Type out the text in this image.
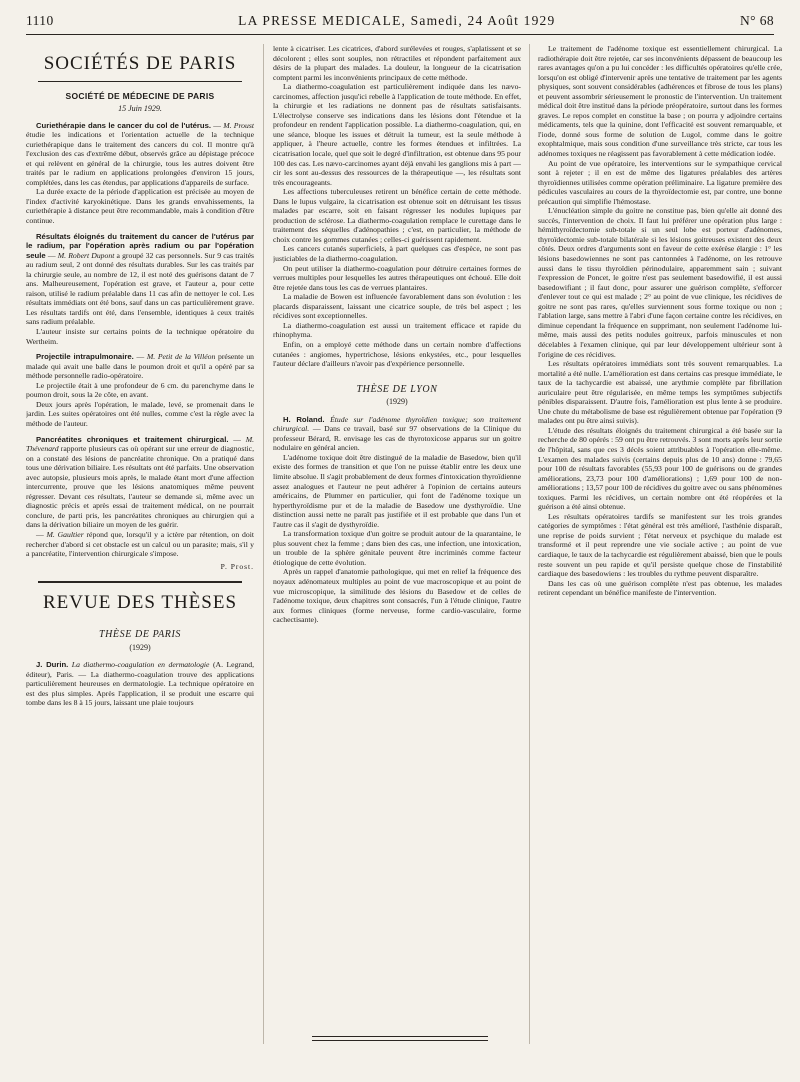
1110	LA PRESSE MEDICALE, Samedi, 24 Août 1929	N° 68
SOCIÉTÉS DE PARIS
SOCIÉTÉ DE MÉDECINE DE PARIS
15 Juin 1929.

Curiethérapie dans le cancer du col de l'utérus. — M. Proust étudie les indications et l'orientation actuelle de la technique curiethérapique dans le traitement des cancers du col. Il montre qu'à l'exclusion des cas d'extrême début, observés grâce au dépistage précoce et qui relèvent en général de la chirurgie, tous les autres doivent être traités par le radium en applications prolongées d'environ 15 jours, complétées, dans les cas étendus, par applications d'appareils de surface.

La durée exacte de la période d'application est précisée au moyen de l'index d'activité karyokinétique. Dans les grands envahissements, la curiethérapie à distance peut être recommandable, mais à condition d'être continue.

Résultats éloignés du traitement du cancer de l'utérus par le radium, par l'opération après radium ou par l'opération seule — M. Robert Dupont a groupé 32 cas personnels. Sur 9 cas traités au radium seul, 2 ont donné des résultats durables. Sur les cas traités par la chirurgie seule, au nombre de 12, il est noté des guérisons datant de 7 ans. Malheureusement, l'opération est grave, et l'auteur a, pour cette raison, utilisé le radium préalable dans 11 cas afin de nettoyer le col. Les résultats immédiats ont été bons, sauf dans un cas particulièrement grave. Les résultats tardifs ont été, dans l'ensemble, identiques à ceux traités sans radium préalable.

L'auteur insiste sur certains points de la technique opératoire du Wertheim.

Projectile intrapulmonaire. — M. Petit de la Villéon présente un malade qui avait une balle dans le poumon droit et qu'il a opéré par sa méthode personnelle radio-opératoire.

Le projectile était à une profondeur de 6 cm. du parenchyme dans le poumon droit, sous la 2e côte, en avant.

Deux jours après l'opération, le malade, levé, se promenait dans le jardin. Les suites opératoires ont été nulles, comme c'est la règle avec la méthode de l'auteur.

Pancréatites chroniques et traitement chirurgical. — M. Thévenard rapporte plusieurs cas où opérant sur une erreur de diagnostic, on a constaté des lésions de pancréatite chronique. On a pratiqué dans tous une dérivation biliaire. Les résultats ont été parfaits. Une observation avec autopsie, plusieurs mois après, le malade étant mort d'une affection intercurrente, prouve que les lésions anatomiques même peuvent régresser. Devant ces résultats, l'auteur se demande si, même avec un diagnostic précis et après essai de traitement médical, on ne pourrait conclure, de parti pris, les pancréatites chroniques au chirurgien qui a dans la dérivation biliaire un moyen de les guérir.

— M. Gaultier répond que, lorsqu'il y a ictère par rétention, on doit rechercher d'abord si cet obstacle est un calcul ou un parasite; mais, s'il y a pancréatite, l'intervention chirurgicale s'impose.

P. Prost.
REVUE DES THÈSES
THÈSE DE PARIS
(1929)

J. Durin. La diathermo-coagulation en dermatologie (A. Legrand, éditeur), Paris. — La diathermo-coagulation trouve des applications particulièrement heureuses en dermatologie. La technique opératoire en est des plus simples. Après l'application, il se produit une escarre qui tombe dans les 8 à 15 jours, laissant une plaie toujours

lente à cicatriser. Les cicatrices, d'abord surélevées et rouges, s'aplatissent et se décolorent ; elles sont souples, non rétractiles et répondent parfaitement aux désirs de la plupart des malades. La douleur, la longueur de la cicatrisation comptent parmi les inconvénients principaux de cette méthode.

La diathermo-coagulation est particulièrement indiquée dans les nævo-carcinomes, affection jusqu'ici rebelle à l'application de toute méthode. En effet, la chirurgie et les radiations ne donnent pas de résultats satisfaisants. L'électrolyse conserve ses indications dans les lésions dont l'étendue et la profondeur en rendent l'application possible. La diathermo-coagulation, qui, en une séance, bloque les issues et détruit la tumeur, est la seule méthode à appliquer, à l'heure actuelle, contre les formes étendues et infiltrées. La cicatrisation locale, quel que soit le degré d'infiltration, est obtenue dans 95 pour 100 des cas. Les nævo-carcinomes ayant déjà envahi les ganglions mis à part — cir les sont au-dessus des ressources de la thérapeutique —, les résultats sont très encourageants.

Les affections tuberculeuses retirent un bénéfice certain de cette méthode. Dans le lupus vulgaire, la cicatrisation est obtenue soit en détruisant les tissus malades par escarre, soit en faisant régresser les nodules lupiques par production de sclérose. La diathermo-coagulation remplace le curettage dans le traitement des séquelles d'adénopathies ; c'est, en particulier, la méthode de choix contre les gommes cutanées ; celles-ci guérissent rapidement.

Les cancers cutanés superficiels, à part quelques cas d'espèce, ne sont pas justiciables de la diathermo-coagulation.

On peut utiliser la diathermo-coagulation pour détruire certaines formes de verrues multiples pour lesquelles les autres thérapeutiques ont échoué. Elle doit être rejetée dans tous les cas de verrues plantaires.

La maladie de Bowen est influencée favorablement dans son évolution : les placards disparaissent, laissant une cicatrice souple, de très bel aspect ; les récidives sont exceptionnelles.

La diathermo-coagulation est aussi un traitement efficace et rapide du rhinophyma.

Enfin, on a employé cette méthode dans un certain nombre d'affections cutanées : angiomes, hypertrichose, lésions enkystées, etc., pour lesquelles l'auteur déclare d'ailleurs n'avoir pas d'expérience personnelle.

THÈSE DE LYON
(1929)

H. Roland. Étude sur l'adénome thyroïdien toxique; son traitement chirurgical. — Dans ce travail, basé sur 97 observations de la Clinique du professeur Bérard, R. envisage les cas de thyrotoxicose apparus sur un goitre nodulaire en général ancien.

L'adénome toxique doit être distingué de la maladie de Basedow, bien qu'il existe des formes de transition et que l'on ne puisse établir entre les deux une limite absolue. Il s'agit probablement de deux formes d'intoxication thyroïdienne assez analogues et l'auteur ne peut adhérer à l'opinion de certains auteurs américains, de Plummer en particulier, qui font de l'adénome toxique un hyperthyroïdisme pur et de la maladie de Basedow une dysthyroïdie. Une distinction aussi nette ne paraît pas justifiée et il est probable que dans l'un et l'autre cas il s'agit de dysthyroïdie.

La transformation toxique d'un goitre se produit autour de la quarantaine, le plus souvent chez la femme ; dans bien des cas, une infection, une intoxication, un trouble de la sphère génitale peuvent être incriminés comme facteur étiologique de cette évolution.

Après un rappel d'anatomie pathologique, qui met en relief la fréquence des noyaux adénomateux multiples au point de vue macroscopique et au point de vue microscopique, la similitude des lésions du Basedow et de celles de l'adénome toxique, deux chapitres sont consacrés, l'un à l'étude clinique, l'autre aux formes cliniques (forme nerveuse, forme cardio-vasculaire, forme cachectisante).

Le traitement de l'adénome toxique est essentiellement chirurgical. La radiothérapie doit être rejetée, car ses inconvénients dépassent de beaucoup les rares avantages qu'on a pu lui concéder : les difficultés opératoires qu'elle crée, lorsqu'on est obligé d'intervenir après une tentative de traitement par les agents physiques, sont souvent considérables (adhérences et fibrose de tous les plans) et peuvent assombrir sérieusement le pronostic de l'intervention. Un traitement médical doit être institué dans la période préopératoire, surtout dans les formes graves. Le repos complet en constitue la base ; on pourra y adjoindre certains médicaments, tels que la quinine, dont l'efficacité est souvent remarquable, et l'iode, donné sous forme de solution de Lugol, comme dans le goitre exophtalmique, mais sous condition d'une surveillance très stricte, car tous les adénomes toxiques ne réagissent pas favorablement à cette médication iodée.

Au point de vue opératoire, les interventions sur le sympathique cervical sont à rejeter ; il en est de même des ligatures préalables des artères thyroïdiennes utilisées comme opération préliminaire. La ligature première des pédicules vasculaires au cours de la thyroïdectomie est, par contre, une bonne précaution qui simplifie l'hémostase.

L'énucléation simple du goitre ne constitue pas, bien qu'elle ait donné des succès, l'intervention de choix. Il faut lui préférer une opération plus large : hémithyroïdectomie sub-totale si un seul lobe est porteur d'adénomes, thyroïdectomie sub-totale bilatérale si les lésions goitreuses existent des deux côtés. Deux ordres d'arguments sont en faveur de cette exérèse élargie : 1° les lésions basedowiennes ne sont pas cantonnées à l'adénome, on les retrouve aussi dans le tissu thyroïdien périnodulaire, apparemment sain ; suivant l'expression de Poncet, le goitre n'est pas seulement basedowifié, il est aussi basedowifiant ; il faut donc, pour assurer une guérison complète, s'efforcer d'enlever tout ce qui est malade ; 2° au point de vue clinique, les récidives de goitre ne sont pas rares, qu'elles surviennent sous forme toxique ou non ; l'ablation large, sans mettre à l'abri d'une façon certaine contre les récidives, en diminue cependant la fréquence en supprimant, non seulement l'adénome lui-même, mais aussi des petits nodules goitreux, parfois minuscules et non décelables à l'examen clinique, qui par leur développement ultérieur sont à l'origine de ces récidives.

Les résultats opératoires immédiats sont très souvent remarquables. La mortalité a été nulle. L'amélioration est dans certains cas presque immédiate, le taux de la tachycardie est abaissé, une arythmie complète par fibrillation auriculaire peut être régularisée, en même temps les symptômes subjectifs pénibles disparaissent. D'autre fois, l'amélioration est plus lente à se produire. Une chute du métabolisme de base est régulièrement obtenue par l'opération (9 malades ont pu être ainsi suivis).

L'étude des résultats éloignés du traitement chirurgical a été basée sur la recherche de 80 opérés : 59 ont pu être retrouvés. 3 sont morts après leur sortie de l'hôpital, sans que ces 3 décès soient attribuables à l'opération elle-même. L'examen des malades suivis (certains depuis plus de 10 ans) donne : 79,65 pour 100 de résultats favorables (55,93 pour 100 de guérisons ou de grandes améliorations, 23,73 pour 100 d'améliorations) ; 1,69 pour 100 de non-améliorations ; 13,57 pour 100 de récidives du goitre avec ou sans phénomènes toxiques. Parmi les récidives, un certain nombre ont été réopérées et la guérison a été ainsi obtenue.

Les résultats opératoires tardifs se manifestent sur les trois grandes catégories de symptômes : l'état général est très amélioré, l'asthénie disparaît, une reprise de poids survient ; l'état nerveux et psychique du malade est transformé et il peut reprendre une vie sociale active ; au point de vue cardiaque, le taux de la tachycardie est régulièrement abaissé, bien que le pouls reste souvent un peu rapide et qu'il persiste quelque chose de l'instabilité cardiaque des basedowiens : les troubles du rythme peuvent disparaître.

Dans les cas où une guérison complète n'est pas obtenue, les malades retirent cependant un bénéfice manifeste de l'intervention.
